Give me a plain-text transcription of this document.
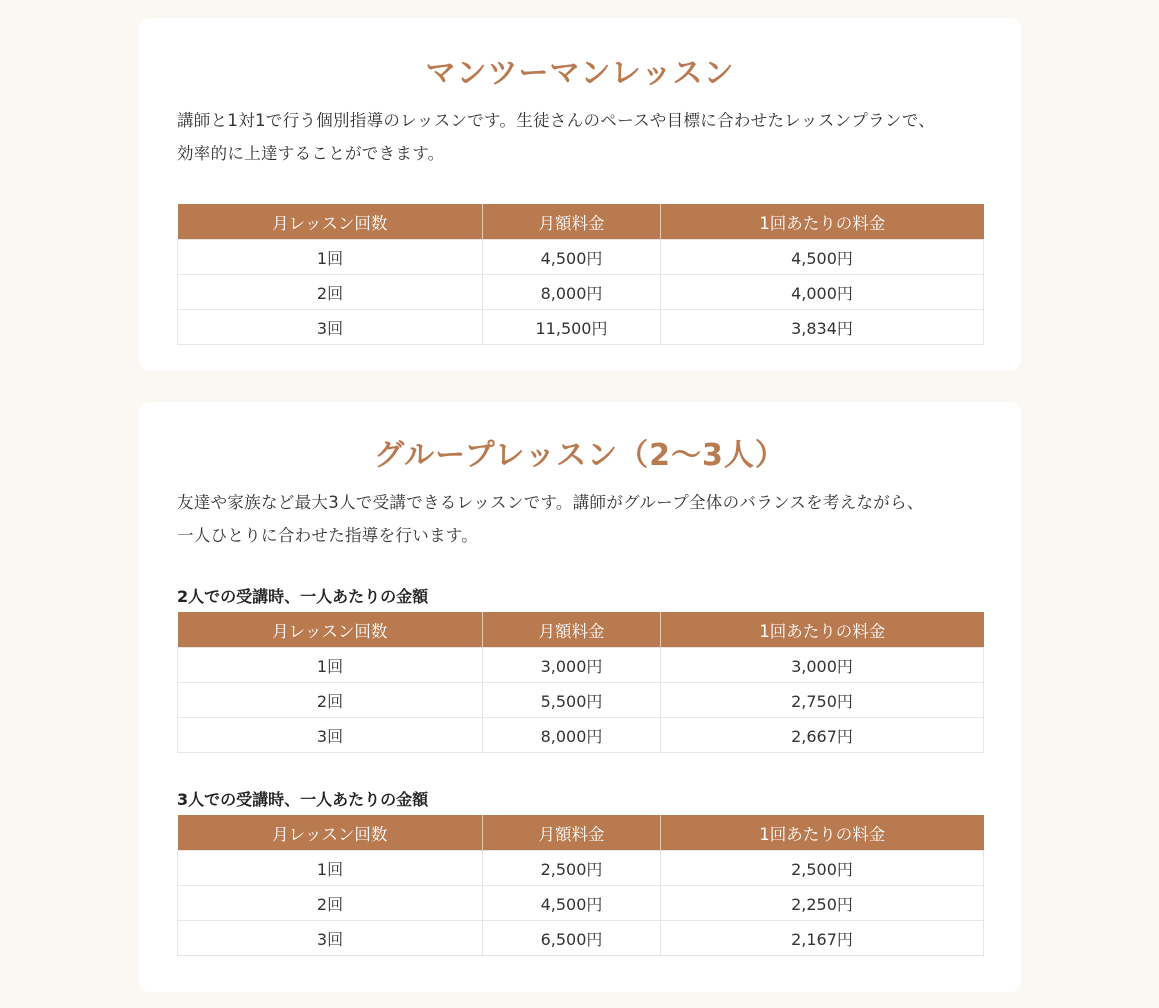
マンツーマンレッスン

講師と1対1で行う個別指導のレッスンです。生徒さんのペースや目標に合わせたレッスンプランで、
効率的に上達することができます。

月レッスン回数	月額料金	1回あたりの料金
1回	4,500円	4,500円
2回	8,000円	4,000円
3回	11,500円	3,834円
グループレッスン（2〜3人）

友達や家族など最大3人で受講できるレッスンです。講師がグループ全体のバランスを考えながら、
一人ひとりに合わせた指導を行います。

2人での受講時、一人あたりの金額
月レッスン回数	月額料金	1回あたりの料金
1回	3,000円	3,000円
2回	5,500円	2,750円
3回	8,000円	2,667円
3人での受講時、一人あたりの金額
月レッスン回数	月額料金	1回あたりの料金
1回	2,500円	2,500円
2回	4,500円	2,250円
3回	6,500円	2,167円
